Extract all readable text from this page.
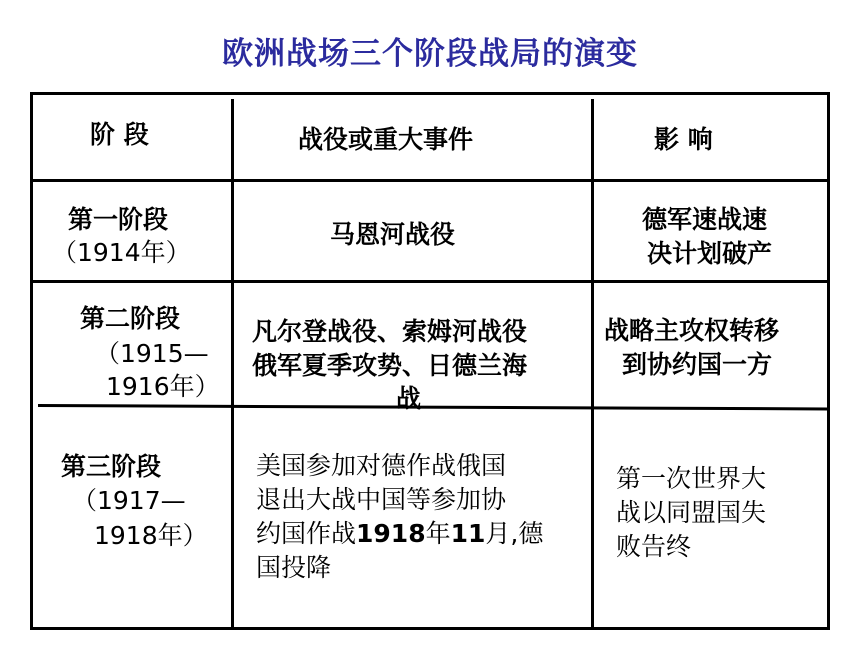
欧洲战场三个阶段战局的演变
阶 段	战役或重大事件	影 响
第一阶段
（1914年）
马恩河战役
德军速战速
决计划破产
第二阶段
（1915—
1916年）
凡尔登战役、索姆河战役
俄军夏季攻势、日德兰海
战
战略主攻权转移
到协约国一方
第三阶段
（1917—
1918年）
美国参加对德作战俄国
退出大战中国等参加协
约国作战1918年11月,德
国投降
第一次世界大
战以同盟国失
败告终
